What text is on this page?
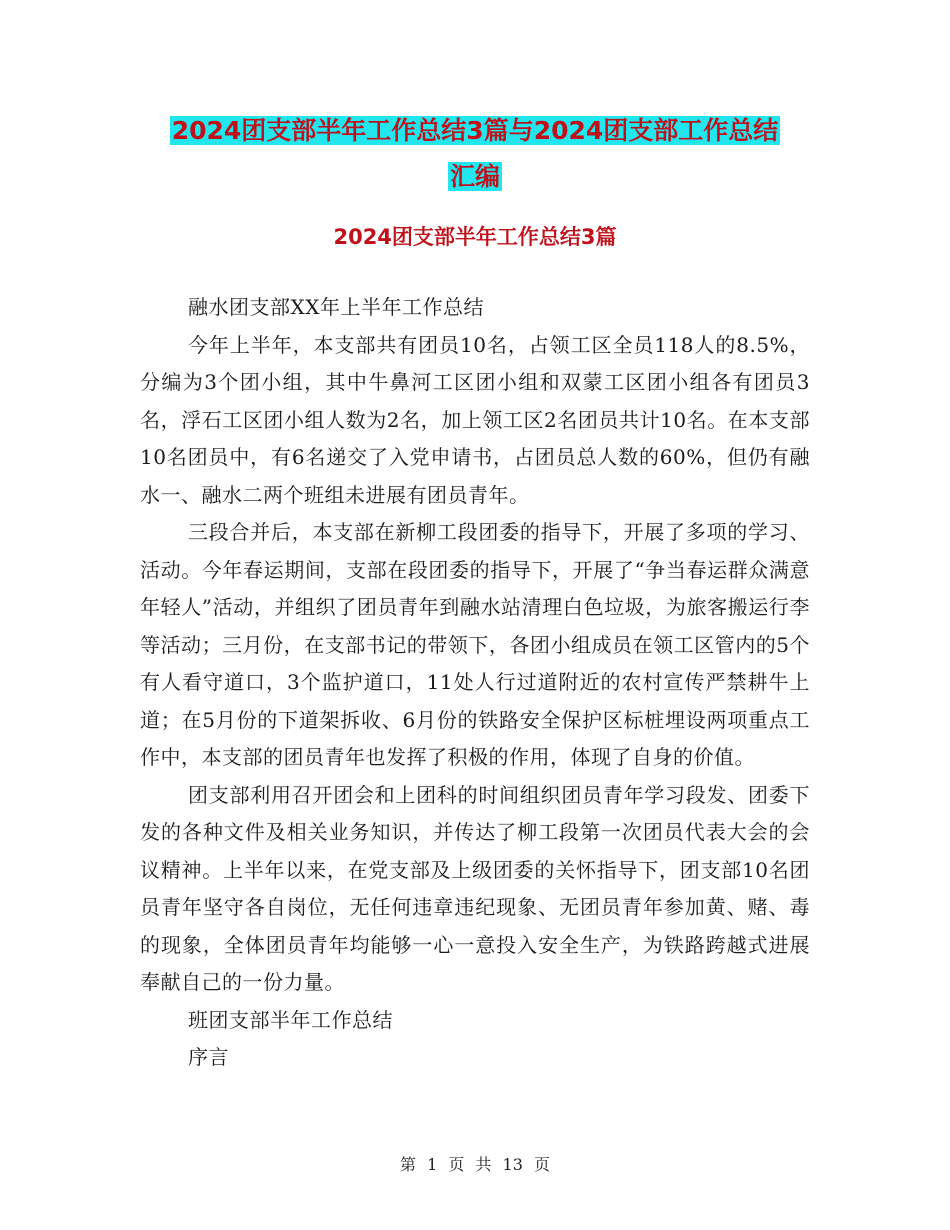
2024团支部半年工作总结3篇与2024团支部工作总结
汇编
2024团支部半年工作总结3篇

融水团支部XX年上半年工作总结

今年上半年，本支部共有团员10名，占领工区全员118人的8.5%，分编为3个团小组，其中牛鼻河工区团小组和双蒙工区团小组各有团员3名，浮石工区团小组人数为2名，加上领工区2名团员共计10名。在本支部10名团员中，有6名递交了入党申请书，占团员总人数的60%，但仍有融水一、融水二两个班组未进展有团员青年。

三段合并后，本支部在新柳工段团委的指导下，开展了多项的学习、活动。今年春运期间，支部在段团委的指导下，开展了“争当春运群众满意年轻人”活动，并组织了团员青年到融水站清理白色垃圾，为旅客搬运行李等活动；三月份，在支部书记的带领下，各团小组成员在领工区管内的5个有人看守道口，3个监护道口，11处人行过道附近的农村宣传严禁耕牛上道；在5月份的下道架拆收、6月份的铁路安全保护区标桩埋设两项重点工作中，本支部的团员青年也发挥了积极的作用，体现了自身的价值。

团支部利用召开团会和上团科的时间组织团员青年学习段发、团委下发的各种文件及相关业务知识，并传达了柳工段第一次团员代表大会的会议精神。上半年以来，在党支部及上级团委的关怀指导下，团支部10名团员青年坚守各自岗位，无任何违章违纪现象、无团员青年参加黄、赌、毒的现象，全体团员青年均能够一心一意投入安全生产，为铁路跨越式进展奉献自己的一份力量。

班团支部半年工作总结

序言

第 1 页 共 13 页
